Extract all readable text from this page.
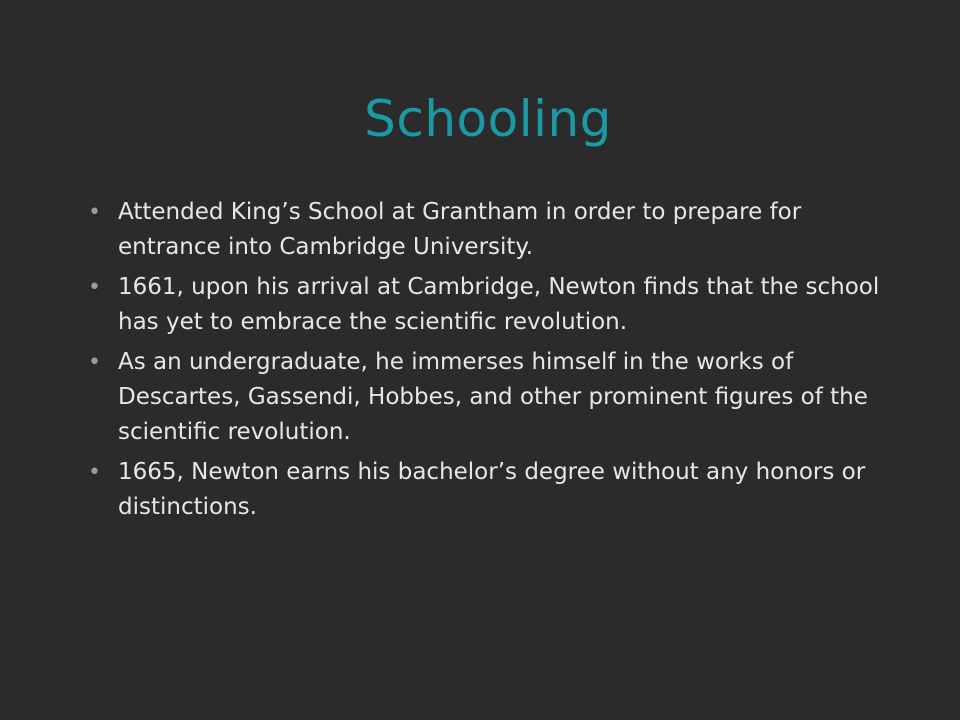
Schooling
• Attended King’s School at Grantham in order to prepare for entrance into Cambridge University.
• 1661, upon his arrival at Cambridge, Newton finds that the school has yet to embrace the scientific revolution.
• As an undergraduate, he immerses himself in the works of Descartes, Gassendi, Hobbes, and other prominent figures of the scientific revolution.
• 1665, Newton earns his bachelor’s degree without any honors or distinctions.
